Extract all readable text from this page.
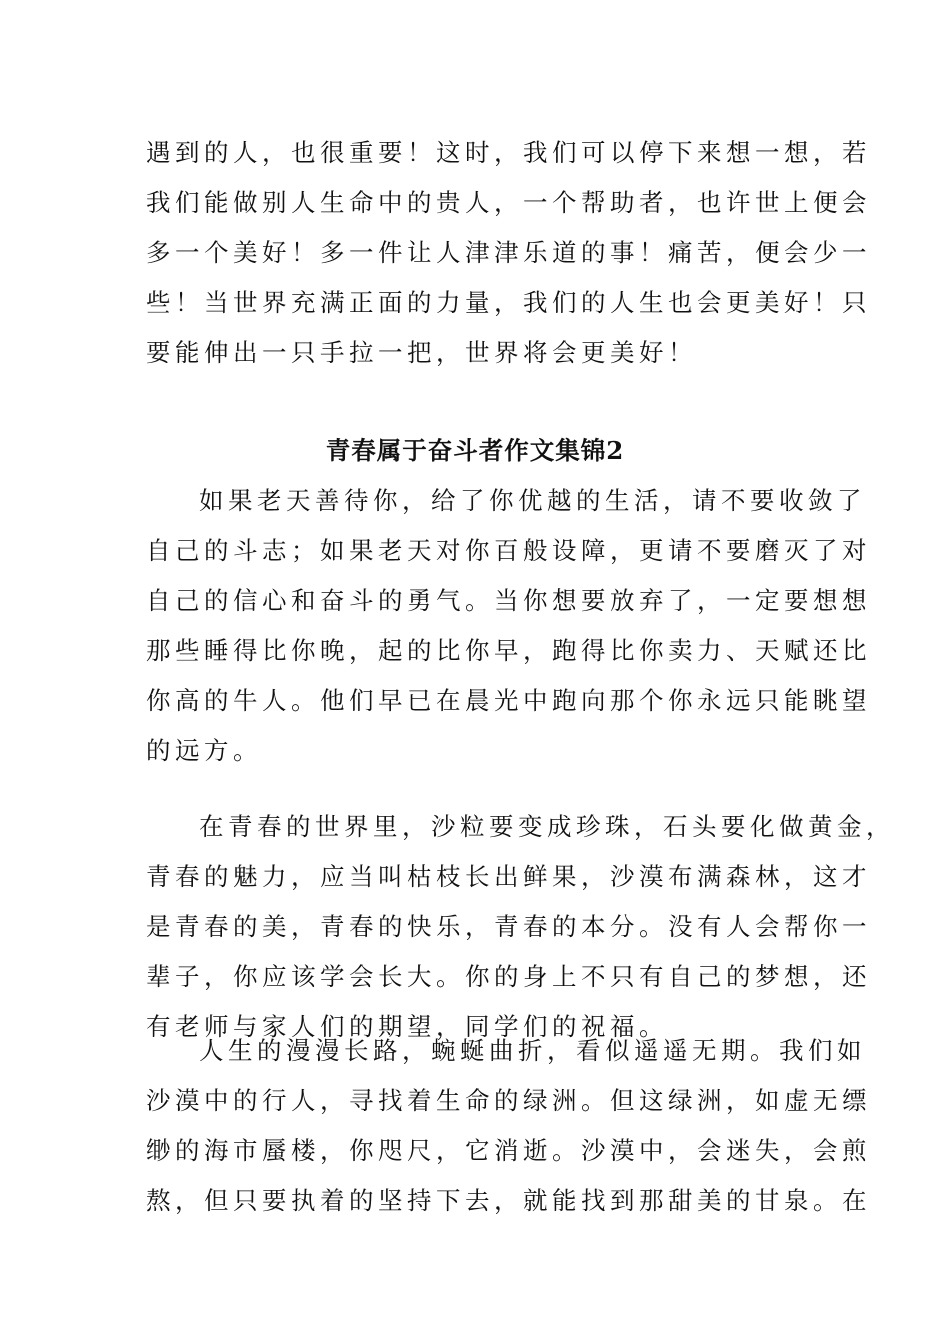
遇到的人，也很重要！这时，我们可以停下来想一想，若
我们能做别人生命中的贵人，一个帮助者，也许世上便会
多一个美好！多一件让人津津乐道的事！痛苦，便会少一
些！当世界充满正面的力量，我们的人生也会更美好！只
要能伸出一只手拉一把，世界将会更美好！
青春属于奋斗者作文集锦2
如果老天善待你，给了你优越的生活，请不要收敛了
自己的斗志；如果老天对你百般设障，更请不要磨灭了对
自己的信心和奋斗的勇气。当你想要放弃了，一定要想想
那些睡得比你晚，起的比你早，跑得比你卖力、天赋还比
你高的牛人。他们早已在晨光中跑向那个你永远只能眺望
的远方。
在青春的世界里，沙粒要变成珍珠，石头要化做黄金，
青春的魅力，应当叫枯枝长出鲜果，沙漠布满森林，这才
是青春的美，青春的快乐，青春的本分。没有人会帮你一
辈子，你应该学会长大。你的身上不只有自己的梦想，还
有老师与家人们的期望，同学们的祝福。
人生的漫漫长路，蜿蜒曲折，看似遥遥无期。我们如
沙漠中的行人，寻找着生命的绿洲。但这绿洲，如虚无缥
缈的海市蜃楼，你咫尺，它消逝。沙漠中，会迷失，会煎
熬，但只要执着的坚持下去，就能找到那甜美的甘泉。在
